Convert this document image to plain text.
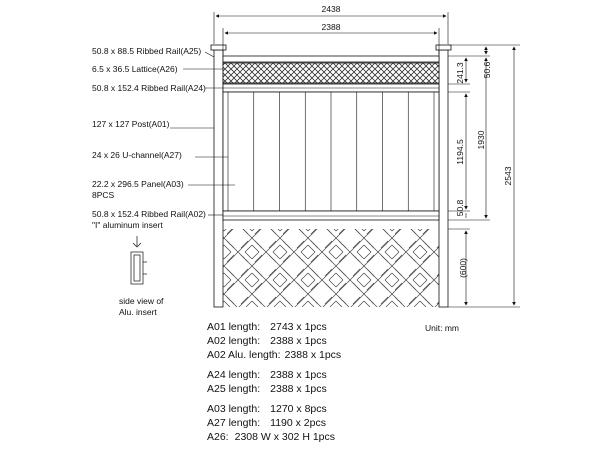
2438
2388
241.3 50.6
1194.5 1930
2543
50.8
(600)
50.8 x 88.5 Ribbed Rail(A25)
6.5 x 36.5 Lattice(A26)
50.8 x 152.4 Ribbed Rail(A24)
127 x 127 Post(A01)
24 x 26 U-channel(A27)
22.2 x 296.5 Panel(A03)
8PCS
50.8 x 152.4 Ribbed Rail(A02)
"I" aluminum insert
side view of
Alu. insert
Unit: mm
A01 length: 2743 x 1pcs
A02 length: 2388 x 1pcs
A02 Alu. length: 2388 x 1pcs
A24 length: 2388 x 1pcs
A25 length: 2388 x 1pcs
A03 length: 1270 x 8pcs
A27 length: 1190 x 2pcs
A26: 2308 W x 302 H 1pcs
